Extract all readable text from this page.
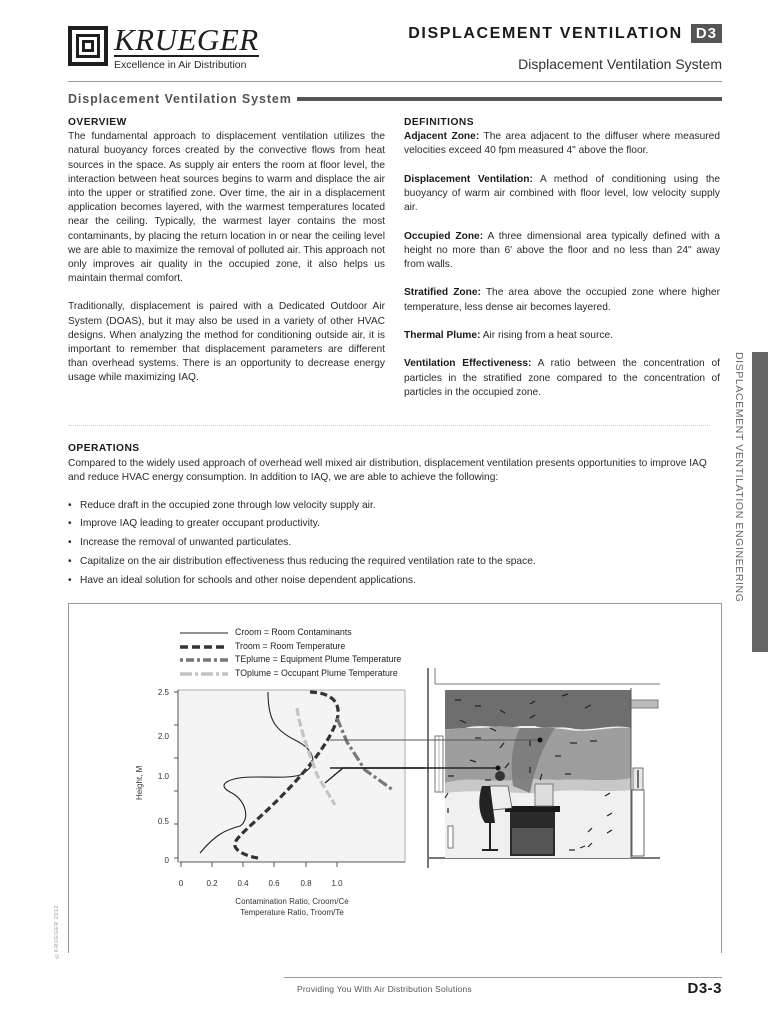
KRUEGER
Excellence in Air Distribution
DISPLACEMENT VENTILATION D3
Displacement Ventilation System
Displacement Ventilation System
OVERVIEW

The fundamental approach to displacement ventilation utilizes the natural buoyancy forces created by the convective flows from heat sources in the space. As supply air enters the room at floor level, the interaction between heat sources begins to warm and displace the air into the upper or stratified zone. Over time, the air in a displacement application becomes layered, with the warmest temperatures located near the ceiling. Typically, the warmest layer contains the most contaminants, by placing the return location in or near the ceiling level we are able to maximize the removal of polluted air. This approach not only improves air quality in the occupied zone, it also helps us maintain thermal comfort.

Traditionally, displacement is paired with a Dedicated Outdoor Air System (DOAS), but it may also be used in a variety of other HVAC designs. When analyzing the method for conditioning outside air, it is important to remember that displacement parameters are different than overhead systems. There is an opportunity to decrease energy usage while maximizing IAQ.

DEFINITIONS

Adjacent Zone: The area adjacent to the diffuser where measured velocities exceed 40 fpm measured 4" above the floor.

Displacement Ventilation: A method of conditioning using the buoyancy of warm air combined with floor level, low velocity supply air.

Occupied Zone: A three dimensional area typically defined with a height no more than 6' above the floor and no less than 24" away from walls.

Stratified Zone: The area above the occupied zone where higher temperature, less dense air becomes layered.

Thermal Plume: Air rising from a heat source.

Ventilation Effectiveness: A ratio between the concentration of particles in the stratified zone compared to the concentration of particles in the occupied zone.

OPERATIONS

Compared to the widely used approach of overhead well mixed air distribution, displacement ventilation presents opportunities to improve IAQ and reduce HVAC energy consumption. In addition to IAQ, we are able to achieve the following:

• Reduce draft in the occupied zone through low velocity supply air.
• Improve IAQ leading to greater occupant productivity.
• Increase the removal of unwanted particulates.
• Capitalize on the air distribution effectiveness thus reducing the required ventilation rate to the space.
• Have an ideal solution for schools and other noise dependent applications.	DISPLACEMENT VENTILATION ENGINEERING
©KRUEGER 2012
Croom = Room Contaminants
Troom = Room Temperature
TEplume = Equipment Plume Temperature
TOplume = Occupant Plume Temperature
2.5
2.0
1.0
0.5
0
Height, M
0	0.2 0.4 0.6	0.8 1.0
Contamination Ratio, Croom/Ce
Temperature Ratio, Troom/Te
Providing You With Air Distribution Solutions	D3-3
